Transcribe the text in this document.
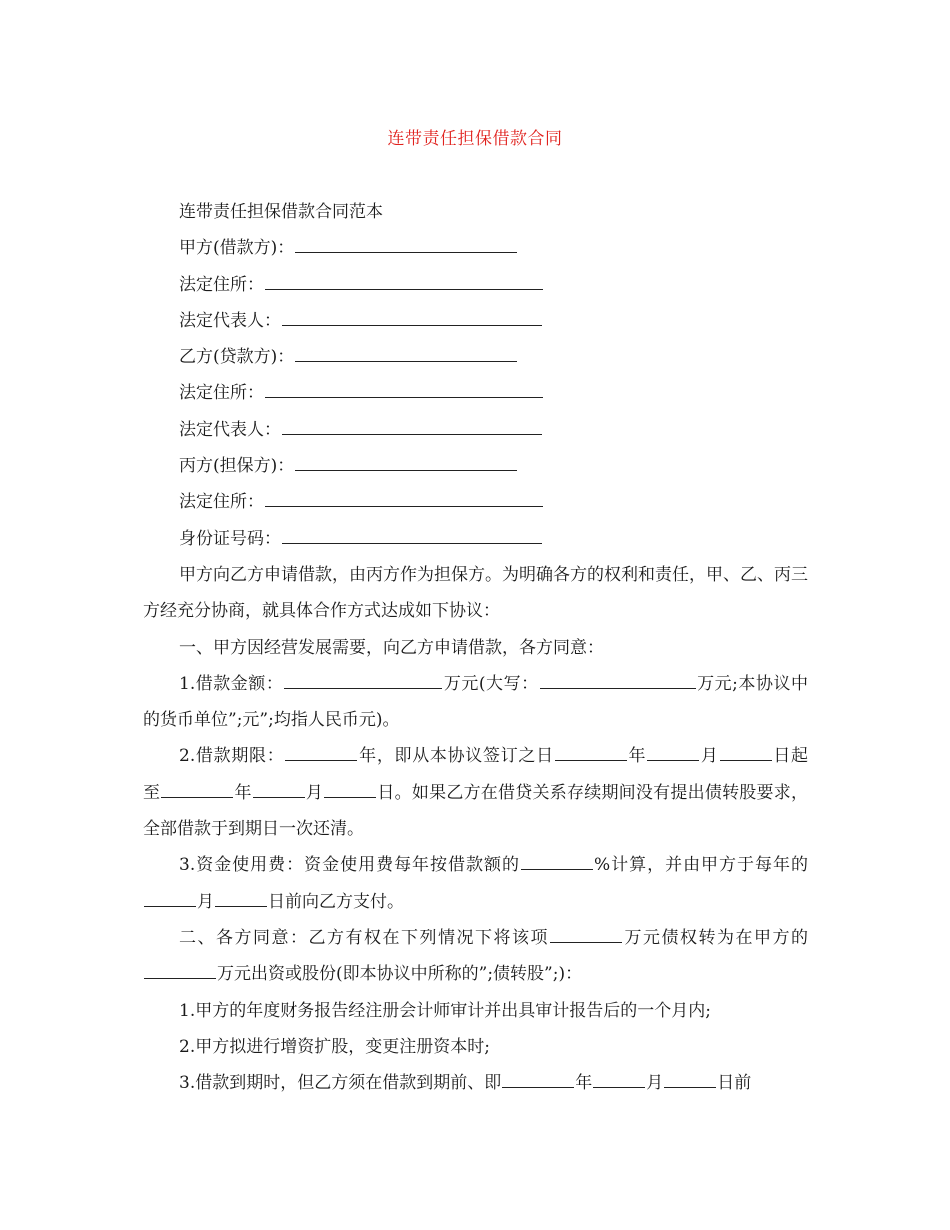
连带责任担保借款合同
连带责任担保借款合同范本
甲方(借款方)：
法定住所：
法定代表人：
乙方(贷款方)：
法定住所：
法定代表人：
丙方(担保方)：
法定住所：
身份证号码：
甲方向乙方申请借款，由丙方作为担保方。为明确各方的权利和责任，甲、乙、丙三方经充分协商，就具体合作方式达成如下协议：
一、甲方因经营发展需要，向乙方申请借款，各方同意：
1.借款金额：	万元(大写：	万元;本协议中的货币单位”;元”;均指人民币元)。
2.借款期限：	年，即从本协议签订之日	年	月	日起至	年	月	日。如果乙方在借贷关系存续期间没有提出债转股要求，全部借款于到期日一次还清。
3.资金使用费：资金使用费每年按借款额的	%计算，并由甲方于每年的月	日前向乙方支付。
二、各方同意：乙方有权在下列情况下将该项	万元债权转为在甲方的万元出资或股份(即本协议中所称的”;债转股”;)：
1.甲方的年度财务报告经注册会计师审计并出具审计报告后的一个月内;
2.甲方拟进行增资扩股，变更注册资本时;
3.借款到期时，但乙方须在借款到期前、即	年	月	日前
